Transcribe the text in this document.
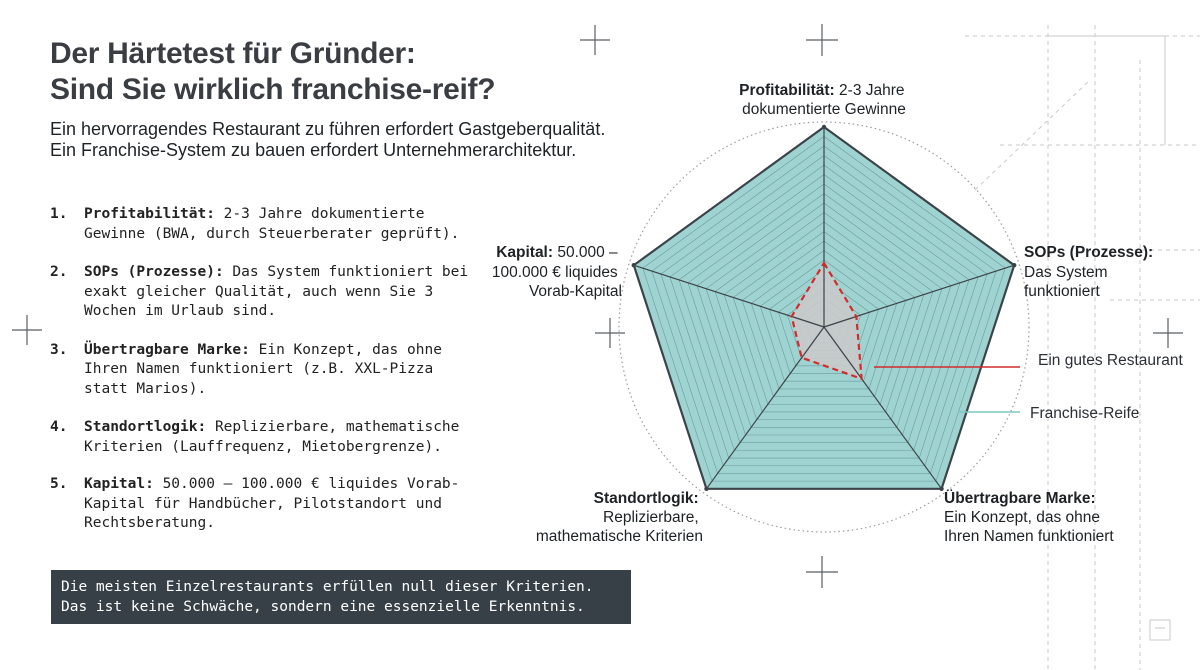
Der Härtetest für Gründer:
Sind Sie wirklich franchise-reif?
Ein hervorragendes Restaurant zu führen erfordert Gastgeberqualität.
Ein Franchise-System zu bauen erfordert Unternehmerarchitektur.
1.	Profitabilität: 2-3 Jahre dokumentierte Gewinne (BWA, durch Steuerberater geprüft).
2.	SOPs (Prozesse): Das System funktioniert bei exakt gleicher Qualität, auch wenn Sie 3 Wochen im Urlaub sind.
3.	Übertragbare Marke: Ein Konzept, das ohne Ihren Namen funktioniert (z.B. XXL-Pizza statt Marios).
4.	Standortlogik: Replizierbare, mathematische Kriterien (Lauffrequenz, Mietobergrenze).
5.	Kapital: 50.000 – 100.000 € liquides Vorab-Kapital für Handbücher, Pilotstandort und Rechtsberatung.
Die meisten Einzelrestaurants erfüllen null dieser Kriterien.
Das ist keine Schwäche, sondern eine essenzielle Erkenntnis.
Ein gutes Restaurant
Franchise-Reife
Profitabilität: 2-3 Jahre dokumentierte Gewinne
SOPs (Prozesse): Das System funktioniert
Übertragbare Marke: Ein Konzept, das ohne Ihren Namen funktioniert
Standortlogik: Replizierbare, mathematische Kriterien
Kapital: 50.000 – 100.000 € liquides Vorab-Kapital
